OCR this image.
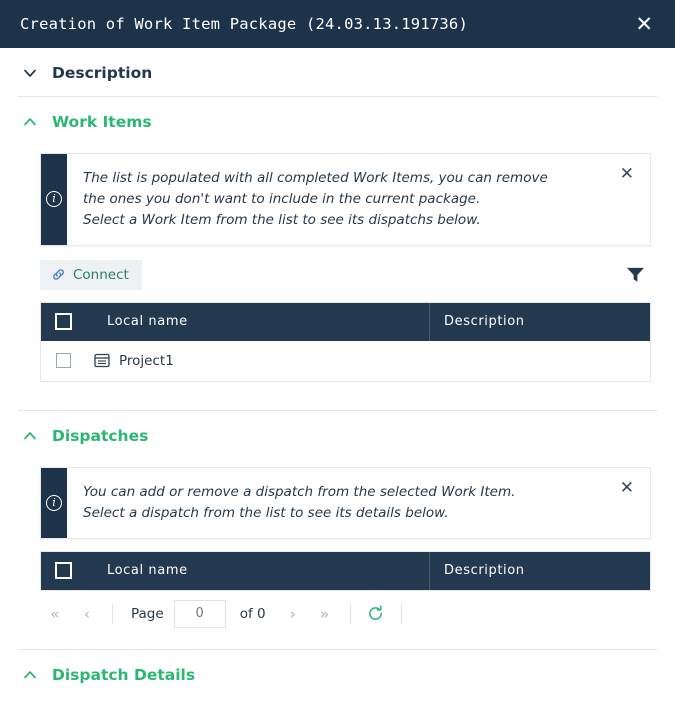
Creation of Work Item Package (24.03.13.191736)	✕
Description
Work Items
i
The list is populated with all completed Work Items, you can remove
the ones you don't want to include in the current package.
Select a Work Item from the list to see its dispatchs below.
✕
Connect
Local name	Description
Project1
Dispatches
i
You can add or remove a dispatch from the selected Work Item.
Select a dispatch from the list to see its details below.
✕
Local name	Description
«	‹	Page
0	of 0	›	»
Dispatch Details
